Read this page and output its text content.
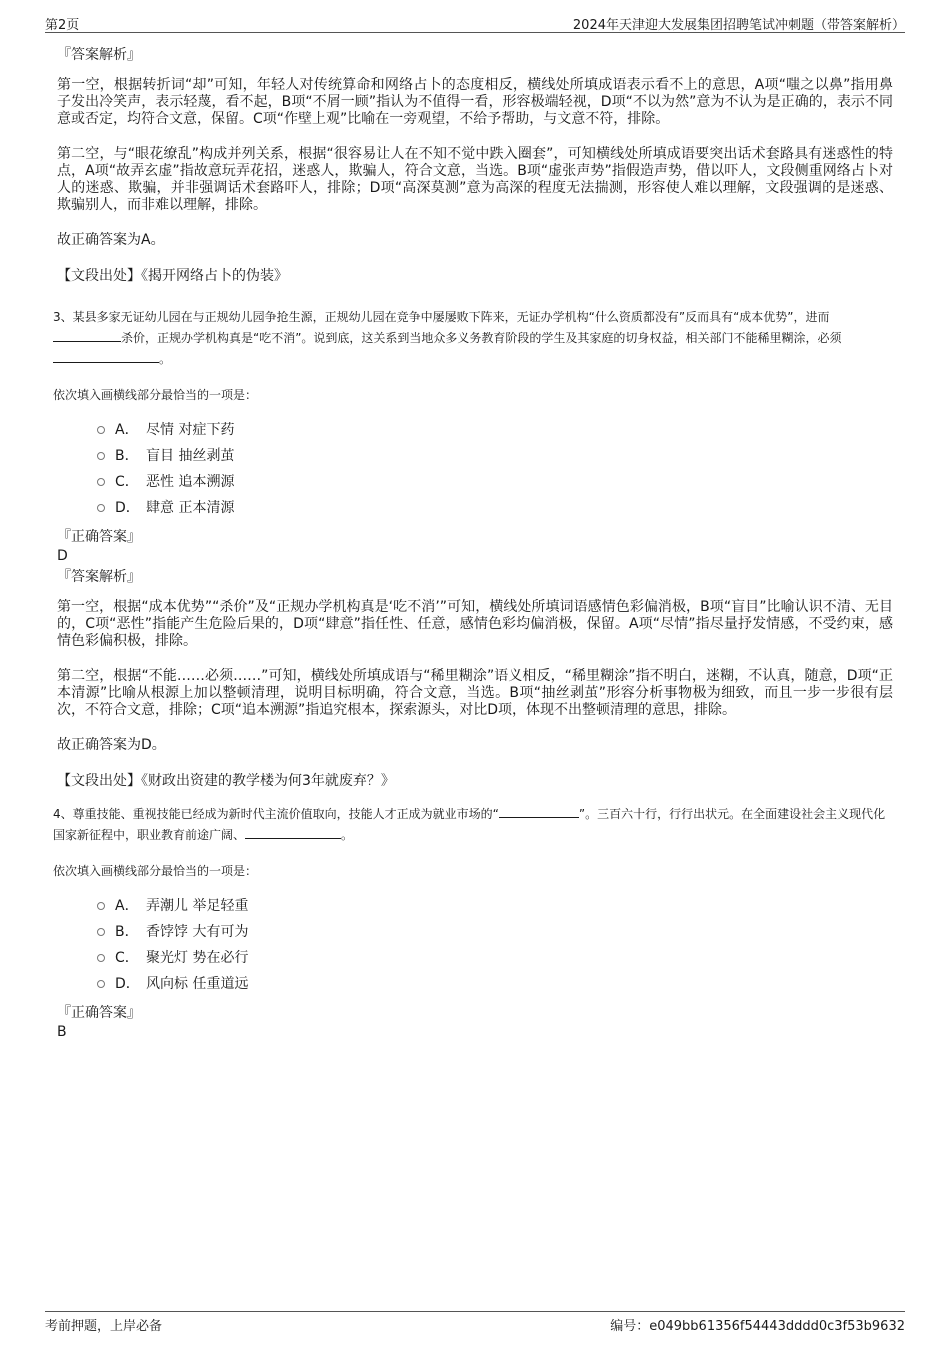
第2页	2024年天津迎大发展集团招聘笔试冲刺题（带答案解析）

『答案解析』

第一空，根据转折词“却”可知，年轻人对传统算命和网络占卜的态度相反，横线处所填成语表示看不上的意思，A项“嗤之以鼻”指用鼻子发出冷笑声，表示轻蔑，看不起，B项“不屑一顾”指认为不值得一看，形容极端轻视，D项“不以为然”意为不认为是正确的，表示不同意或否定，均符合文意，保留。C项“作壁上观”比喻在一旁观望，不给予帮助，与文意不符，排除。

第二空，与“眼花缭乱”构成并列关系，根据“很容易让人在不知不觉中跌入圈套”，可知横线处所填成语要突出话术套路具有迷惑性的特点，A项“故弄玄虚”指故意玩弄花招，迷惑人，欺骗人，符合文意，当选。B项“虚张声势”指假造声势，借以吓人，文段侧重网络占卜对人的迷惑、欺骗，并非强调话术套路吓人，排除；D项“高深莫测”意为高深的程度无法揣测，形容使人难以理解，文段强调的是迷惑、欺骗别人，而非难以理解，排除。

故正确答案为A。

【文段出处】《揭开网络占卜的伪装》

3、某县多家无证幼儿园在与正规幼儿园争抢生源，正规幼儿园在竞争中屡屡败下阵来，无证办学机构“什么资质都没有”反而具有“成本优势”，进而杀价，正规办学机构真是“吃不消”。说到底，这关系到当地众多义务教育阶段的学生及其家庭的切身权益，相关部门不能稀里糊涂，必须。

依次填入画横线部分最恰当的一项是：

A． 尽情 对症下药
B． 盲目 抽丝剥茧
C． 恶性 追本溯源
D． 肆意 正本清源

『正确答案』

D

『答案解析』

第一空，根据“成本优势”“杀价”及“正规办学机构真是‘吃不消’”可知，横线处所填词语感情色彩偏消极，B项“盲目”比喻认识不清、无目的，C项“恶性”指能产生危险后果的，D项“肆意”指任性、任意，感情色彩均偏消极，保留。A项“尽情”指尽量抒发情感，不受约束，感情色彩偏积极，排除。

第二空，根据“不能……必须……”可知，横线处所填成语与“稀里糊涂”语义相反，“稀里糊涂”指不明白，迷糊，不认真，随意，D项“正本清源”比喻从根源上加以整顿清理，说明目标明确，符合文意，当选。B项“抽丝剥茧”形容分析事物极为细致，而且一步一步很有层次，不符合文意，排除；C项“追本溯源”指追究根本，探索源头，对比D项，体现不出整顿清理的意思，排除。

故正确答案为D。

【文段出处】《财政出资建的教学楼为何3年就废弃？》

4、尊重技能、重视技能已经成为新时代主流价值取向，技能人才正成为就业市场的“	”。三百六十行，行行出状元。在全面建设社会主义现代化国家新征程中，职业教育前途广阔、	。

依次填入画横线部分最恰当的一项是：

A． 弄潮儿 举足轻重
B． 香饽饽 大有可为
C． 聚光灯 势在必行
D． 风向标 任重道远

『正确答案』

B

考前押题，上岸必备	编号：e049bb61356f54443dddd0c3f53b9632
